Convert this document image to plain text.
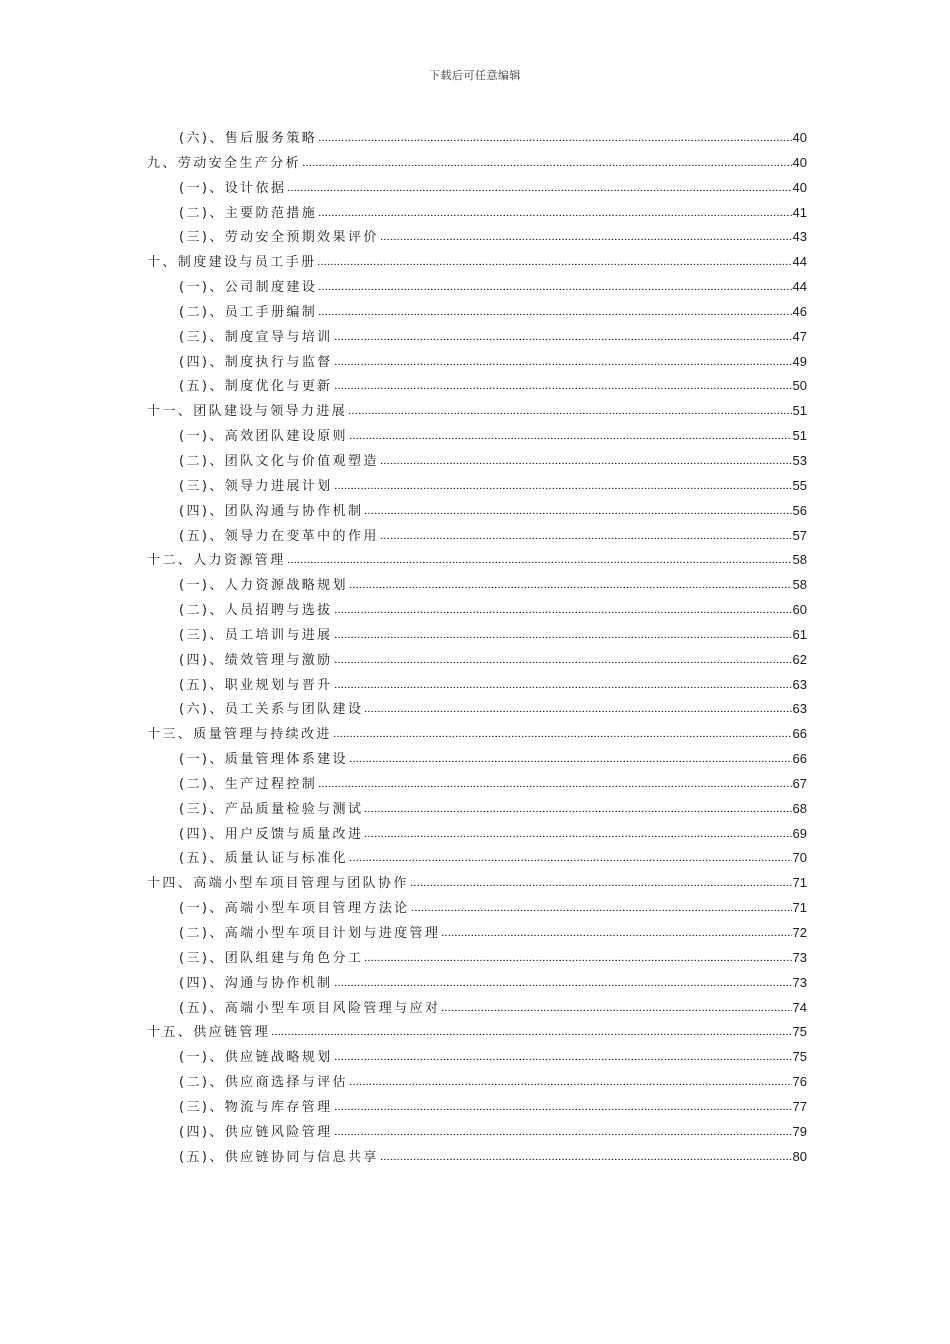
下载后可任意编辑
(六)、售后服务策略	40
九、劳动安全生产分析	40
(一)、设计依据	40
(二)、主要防范措施	41
(三)、劳动安全预期效果评价	43
十、制度建设与员工手册	44
(一)、公司制度建设	44
(二)、员工手册编制	46
(三)、制度宣导与培训	47
(四)、制度执行与监督	49
(五)、制度优化与更新	50
十一、团队建设与领导力进展	51
(一)、高效团队建设原则	51
(二)、团队文化与价值观塑造	53
(三)、领导力进展计划	55
(四)、团队沟通与协作机制	56
(五)、领导力在变革中的作用	57
十二、人力资源管理	58
(一)、人力资源战略规划	58
(二)、人员招聘与选拔	60
(三)、员工培训与进展	61
(四)、绩效管理与激励	62
(五)、职业规划与晋升	63
(六)、员工关系与团队建设	63
十三、质量管理与持续改进	66
(一)、质量管理体系建设	66
(二)、生产过程控制	67
(三)、产品质量检验与测试	68
(四)、用户反馈与质量改进	69
(五)、质量认证与标准化	70
十四、高端小型车项目管理与团队协作	71
(一)、高端小型车项目管理方法论	71
(二)、高端小型车项目计划与进度管理	72
(三)、团队组建与角色分工	73
(四)、沟通与协作机制	73
(五)、高端小型车项目风险管理与应对	74
十五、供应链管理	75
(一)、供应链战略规划	75
(二)、供应商选择与评估	76
(三)、物流与库存管理	77
(四)、供应链风险管理	79
(五)、供应链协同与信息共享	80
